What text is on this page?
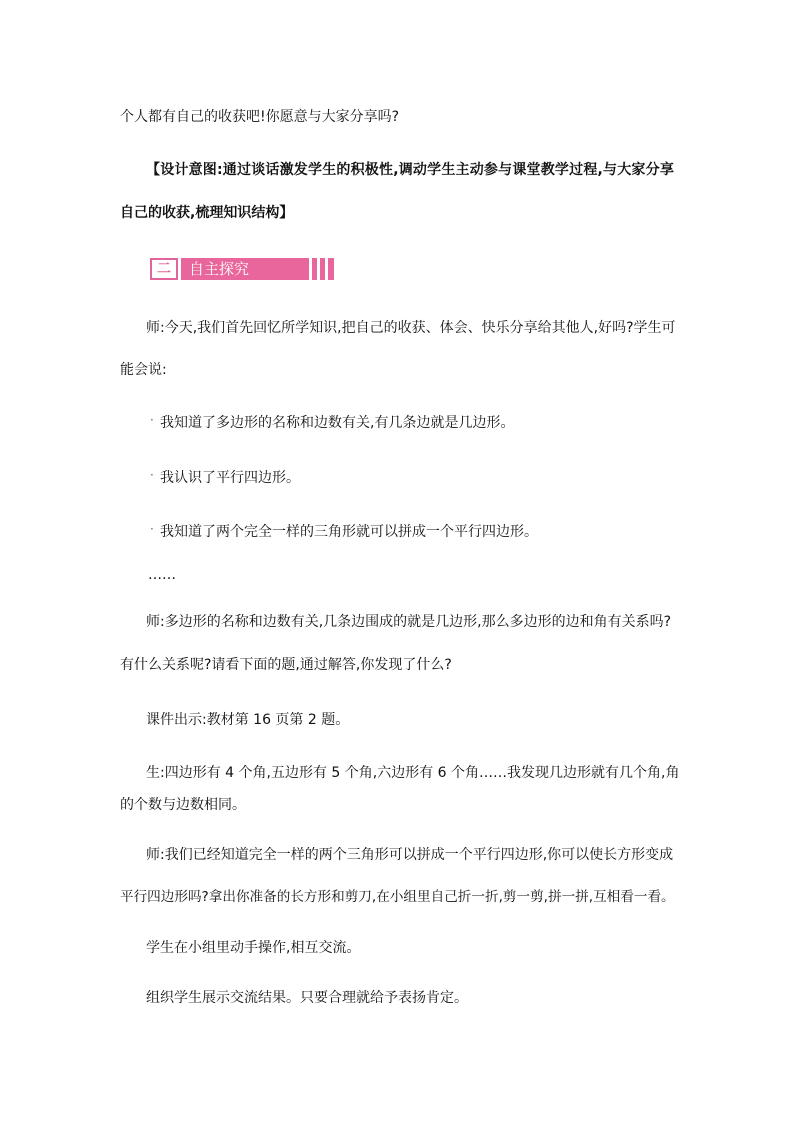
个人都有自己的收获吧!你愿意与大家分享吗?
【设计意图:通过谈话激发学生的积极性,调动学生主动参与课堂教学过程,与大家分享
自己的收获,梳理知识结构】
二	自主探究
师:今天,我们首先回忆所学知识,把自己的收获、体会、快乐分享给其他人,好吗?学生可
能会说:
· 我知道了多边形的名称和边数有关,有几条边就是几边形。
· 我认识了平行四边形。
· 我知道了两个完全一样的三角形就可以拼成一个平行四边形。
……
师:多边形的名称和边数有关,几条边围成的就是几边形,那么多边形的边和角有关系吗?
有什么关系呢?请看下面的题,通过解答,你发现了什么?
课件出示:教材第 16 页第 2 题。
生:四边形有 4 个角,五边形有 5 个角,六边形有 6 个角……我发现几边形就有几个角,角
的个数与边数相同。
师:我们已经知道完全一样的两个三角形可以拼成一个平行四边形,你可以使长方形变成
平行四边形吗?拿出你准备的长方形和剪刀,在小组里自己折一折,剪一剪,拼一拼,互相看一看。
学生在小组里动手操作,相互交流。
组织学生展示交流结果。只要合理就给予表扬肯定。
